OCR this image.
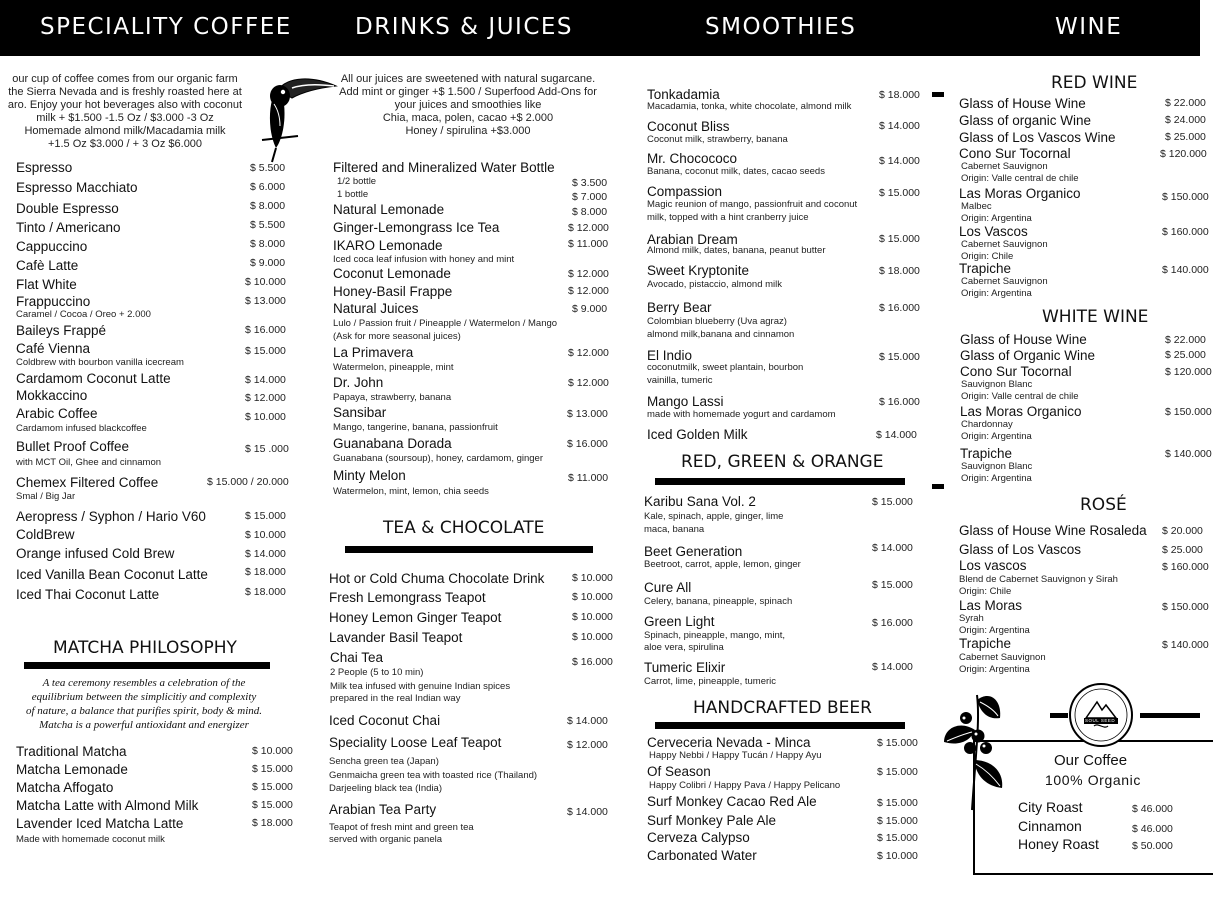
SPECIALITY COFFEE	DRINKS & JUICES	SMOOTHIES	WINE
our cup of coffee comes from our organic farm
the Sierra Nevada and is freshly roasted here at
aro. Enjoy your hot beverages also with coconut
milk + $1.500 -1.5 Oz / $3.000 -3 Oz
Homemade almond milk/Macadamia milk
+1.5 Oz $3.000 / + 3 Oz $6.000
Espresso	$ 5.500
Espresso Macchiato	$ 6.000
Double Espresso	$ 8.000
Tinto / Americano	$ 5.500
Cappuccino	$ 8.000
Cafè Latte	$ 9.000
Flat White	$ 10.000
Frappuccino	$ 13.000
Caramel / Cocoa / Oreo + 2.000
Baileys Frappé	$ 16.000
Café Vienna	$ 15.000
Coldbrew with bourbon vanilla icecream
Cardamom Coconut Latte	$ 14.000
Mokkaccino	$ 12.000
Arabic Coffee	$ 10.000
Cardamom infused blackcoffee
Bullet Proof Coffee	$ 15 .000
with MCT Oil, Ghee and cinnamon
Chemex Filtered Coffee	$ 15.000 / 20.000
Smal / Big Jar
Aeropress / Syphon / Hario V60	$ 15.000
ColdBrew	$ 10.000
Orange infused Cold Brew	$ 14.000
Iced Vanilla Bean Coconut Latte	$ 18.000
Iced Thai Coconut Latte	$ 18.000
MATCHA PHILOSOPHY
A tea ceremony resembles a celebration of the
equilibrium between the simplicitiy and complexity
of nature, a balance that purifies spirit, body & mind.
Matcha is a powerful antioxidant and energizer
Traditional Matcha	$ 10.000
Matcha Lemonade	$ 15.000
Matcha Affogato	$ 15.000
Matcha Latte with Almond Milk	$ 15.000
Lavender Iced Matcha Latte	$ 18.000
Made with homemade coconut milk
All our juices are sweetened with natural sugarcane.
Add mint or ginger +$ 1.500 / Superfood Add-Ons for
your juices and smoothies like
Chia, maca, polen, cacao +$ 2.000
Honey / spirulina +$3.000
Filtered and Mineralized Water Bottle
1/2 bottle	$ 3.500
1 bottle	$ 7.000
Natural Lemonade	$ 8.000
Ginger-Lemongrass Ice Tea	$ 12.000
IKARO Lemonade	$ 11.000
Iced coca leaf infusion with honey and mint
Coconut Lemonade	$ 12.000
Honey-Basil Frappe	$ 12.000
Natural Juices	$ 9.000
Lulo / Passion fruit / Pineapple / Watermelon / Mango
(Ask for more seasonal juices)
La Primavera	$ 12.000
Watermelon, pineapple, mint
Dr. John	$ 12.000
Papaya, strawberry, banana
Sansibar	$ 13.000
Mango, tangerine, banana, passionfruit
Guanabana Dorada	$ 16.000
Guanabana (soursoup), honey, cardamom, ginger
Minty Melon	$ 11.000
Watermelon, mint, lemon, chia seeds
TEA & CHOCOLATE
Hot or Cold Chuma Chocolate Drink	$ 10.000
Fresh Lemongrass Teapot	$ 10.000
Honey Lemon Ginger Teapot	$ 10.000
Lavander Basil Teapot	$ 10.000
Chai Tea	$ 16.000
2 People (5 to 10 min)
Milk tea infused with genuine Indian spices
prepared in the real Indian way
Iced Coconut Chai	$ 14.000
Speciality Loose Leaf Teapot	$ 12.000
Sencha green tea (Japan)
Genmaicha green tea with toasted rice (Thailand)
Darjeeling black tea (India)
Arabian Tea Party	$ 14.000
Teapot of fresh mint and green tea
served with organic panela
Tonkadamia	$ 18.000
Macadamia, tonka, white chocolate, almond milk
Coconut Bliss	$ 14.000
Coconut milk, strawberry, banana
Mr. Chocococo	$ 14.000
Banana, coconut milk, dates, cacao seeds
Compassion	$ 15.000
Magic reunion of mango, passionfruit and coconut
milk, topped with a hint cranberry juice
Arabian Dream	$ 15.000
Almond milk, dates, banana, peanut butter
Sweet Kryptonite	$ 18.000
Avocado, pistaccio, almond milk
Berry Bear	$ 16.000
Colombian blueberry (Uva agraz)
almond milk,banana and cinnamon
El Indio	$ 15.000
coconutmilk, sweet plantain, bourbon
vainilla, tumeric
Mango Lassi	$ 16.000
made with homemade yogurt and cardamom
Iced Golden Milk	$ 14.000
RED, GREEN & ORANGE
Karibu Sana Vol. 2	$ 15.000
Kale, spinach, apple, ginger, lime
maca, banana
Beet Generation	$ 14.000
Beetroot, carrot, apple, lemon, ginger
Cure All	$ 15.000
Celery, banana, pineapple, spinach
Green Light	$ 16.000
Spinach, pineapple, mango, mint,
aloe vera, spirulina
Tumeric Elixir	$ 14.000
Carrot, lime, pineapple, tumeric
HANDCRAFTED BEER
Cerveceria Nevada - Minca	$ 15.000
Happy Nebbi / Happy Tucán / Happy Ayu
Of Season	$ 15.000
Happy Colibri / Happy Pava / Happy Pelicano
Surf Monkey Cacao Red Ale	$ 15.000
Surf Monkey Pale Ale	$ 15.000
Cerveza Calypso	$ 15.000
Carbonated Water	$ 10.000
RED WINE
Glass of House Wine	$ 22.000
Glass of organic Wine	$ 24.000
Glass of Los Vascos Wine	$ 25.000
Cono Sur Tocornal	$ 120.000
Cabernet Sauvignon
Origin: Valle central de chile
Las Moras Organico	$ 150.000
Malbec
Origin: Argentina
Los Vascos	$ 160.000
Cabernet Sauvignon
Origin: Chile
Trapiche	$ 140.000
Cabernet Sauvignon
Origin: Argentina
WHITE WINE
Glass of House Wine	$ 22.000
Glass of Organic Wine	$ 25.000
Cono Sur Tocornal	$ 120.000
Sauvignon Blanc
Origin: Valle central de chile
Las Moras Organico	$ 150.000
Chardonnay
Origin: Argentina
Trapiche	$ 140.000
Sauvignon Blanc
Origin: Argentina
ROSÉ
Glass of House Wine Rosaleda $ 20.000
Glass of Los Vascos	$ 25.000
Los vascos	$ 160.000
Blend de Cabernet Sauvignon y Sirah
Origin: Chile
Las Moras	$ 150.000
Syrah
Origin: Argentina
Trapiche	$ 140.000
Cabernet Sauvignon
Origin: Argentina
SOUL SEED
Our Coffee
100% Organic
City Roast	$ 46.000
Cinnamon	$ 46.000
Honey Roast	$ 50.000
